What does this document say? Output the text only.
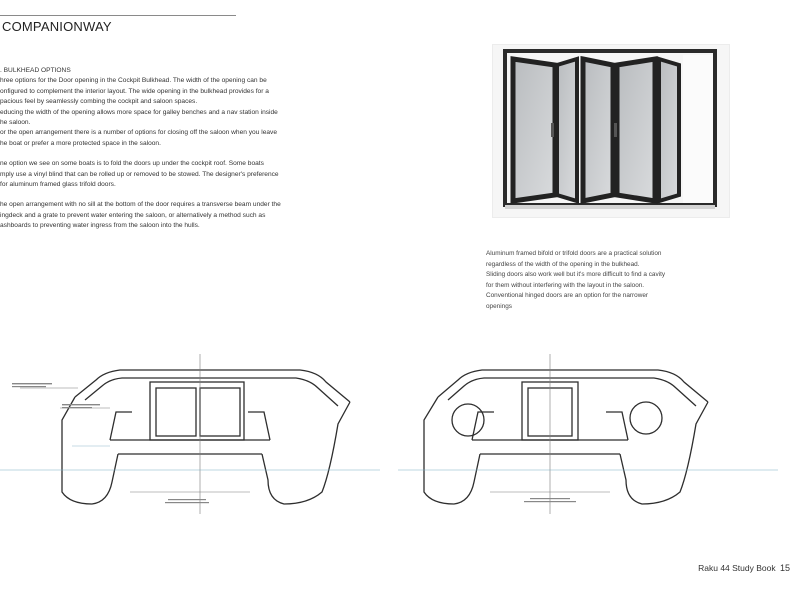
COMPANIONWAY

. BULKHEAD OPTIONS

hree options for the Door opening in the Cockpit Bulkhead. The width of the opening can be

onfigured to complement the interior layout. The wide opening in the bulkhead provides for a

pacious feel by seamlessly combing the cockpit and saloon spaces.

educing the width of the opening allows more space for galley benches and a nav station inside

he saloon.

or the open arrangement there is a number of options for closing off the saloon when you leave

he boat or prefer a more protected space in the saloon.

ne option we see on some boats is to fold the doors up under the cockpit roof. Some boats

mply use a vinyl blind that can be rolled up or removed to be stowed. The designer's preference

for aluminum framed glass trifold doors.

he open arrangement with no sill at the bottom of the door requires a transverse beam under the

ingdeck and a grate to prevent water entering the saloon, or alternatively a method such as

ashboards to preventing water ingress from the saloon into the hulls.

Aluminum framed bifold or trifold doors are a practical solution

regardless of the width of the opening in the bulkhead.

Sliding doors also work well but it's more difficult to find a cavity

for them without interfering with the layout in the saloon.

Conventional hinged doors are an option for the narrower

openings

Raku 44 Study Book 15
